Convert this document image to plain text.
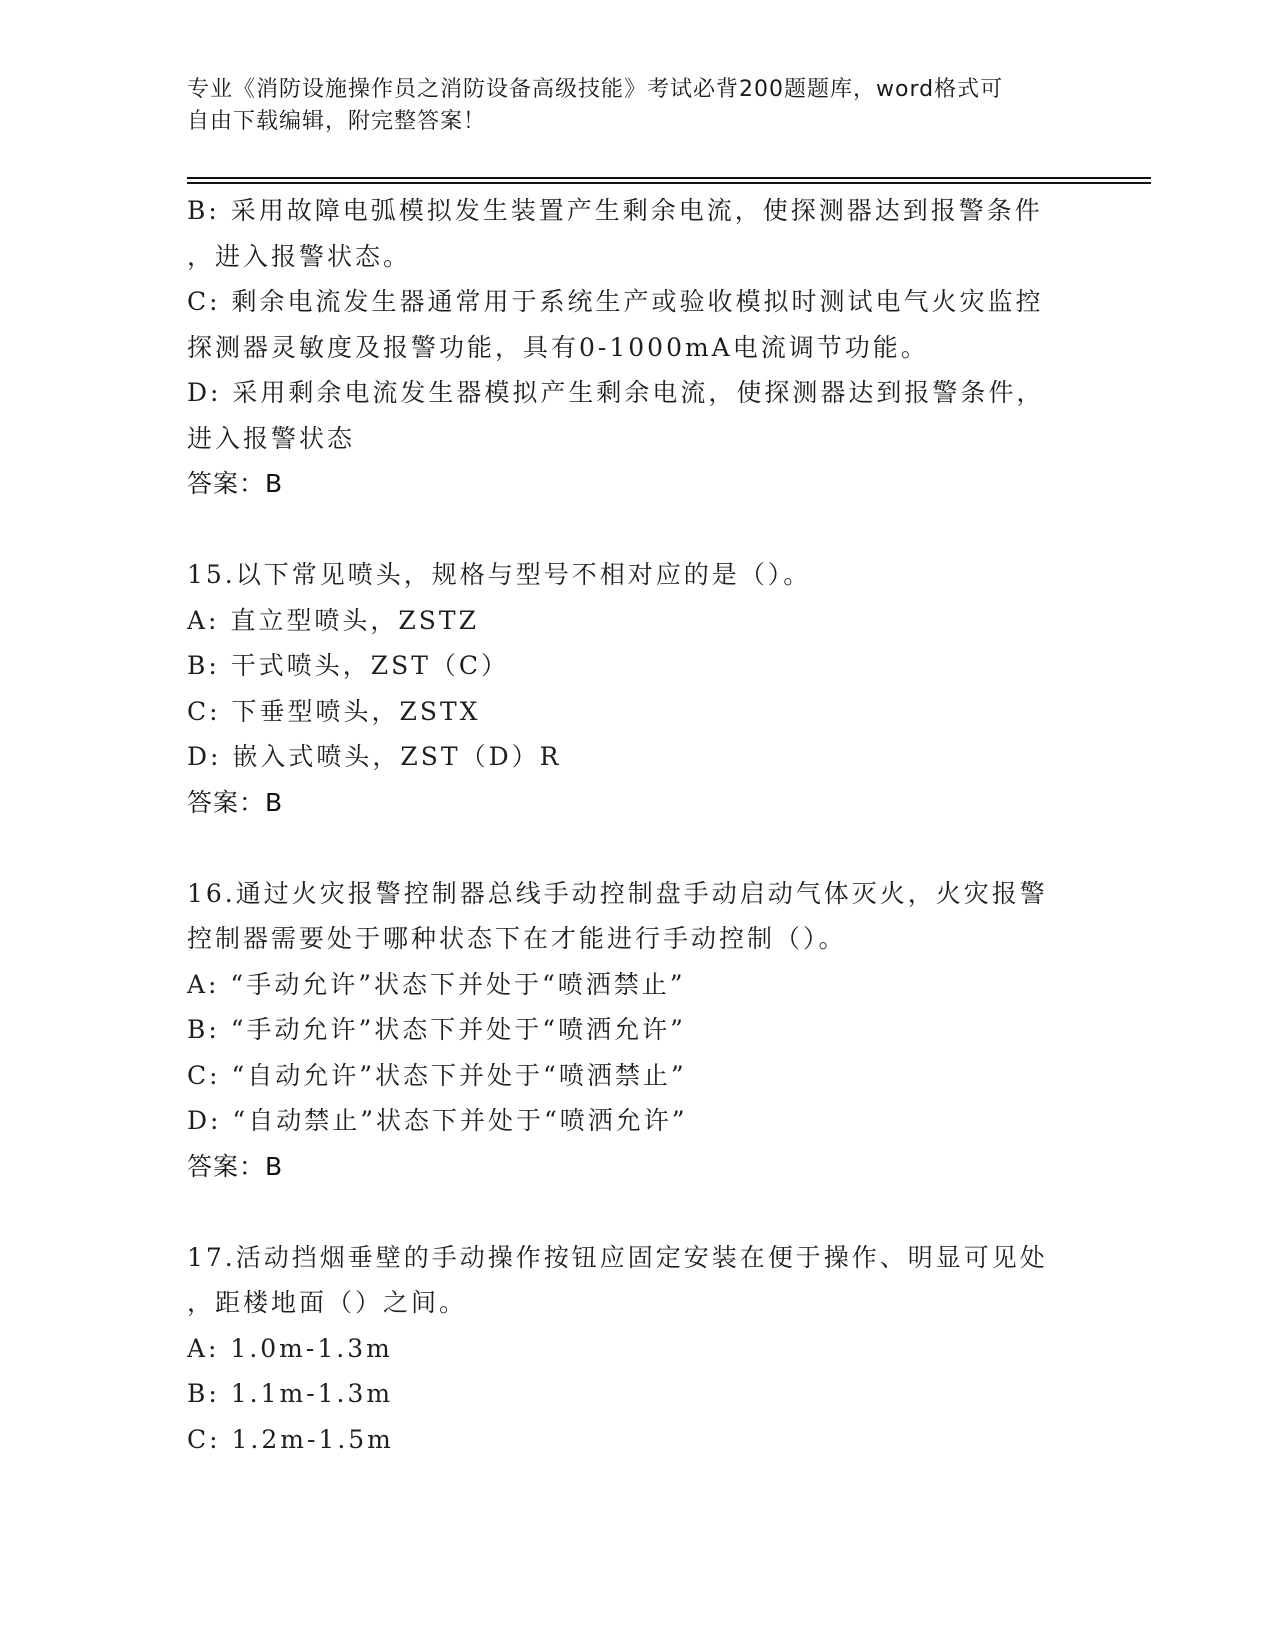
专业《消防设施操作员之消防设备高级技能》考试必背200题题库，word格式可
自由下载编辑，附完整答案！
B: 采用故障电弧模拟发生装置产生剩余电流，使探测器达到报警条件
，进入报警状态。
C: 剩余电流发生器通常用于系统生产或验收模拟时测试电气火灾监控
探测器灵敏度及报警功能，具有0-1000mA电流调节功能。
D: 采用剩余电流发生器模拟产生剩余电流，使探测器达到报警条件，
进入报警状态
答案：B
15.以下常见喷头，规格与型号不相对应的是（）。
A: 直立型喷头，ZSTZ
B: 干式喷头，ZST（C）
C: 下垂型喷头，ZSTX
D: 嵌入式喷头，ZST（D）R
答案：B
16.通过火灾报警控制器总线手动控制盘手动启动气体灭火，火灾报警
控制器需要处于哪种状态下在才能进行手动控制（）。
A: “手动允许”状态下并处于“喷洒禁止”
B: “手动允许”状态下并处于“喷洒允许”
C: “自动允许”状态下并处于“喷洒禁止”
D: “自动禁止”状态下并处于“喷洒允许”
答案：B
17.活动挡烟垂壁的手动操作按钮应固定安装在便于操作、明显可见处
，距楼地面（）之间。
A: 1.0m-1.3m
B: 1.1m-1.3m
C: 1.2m-1.5m
